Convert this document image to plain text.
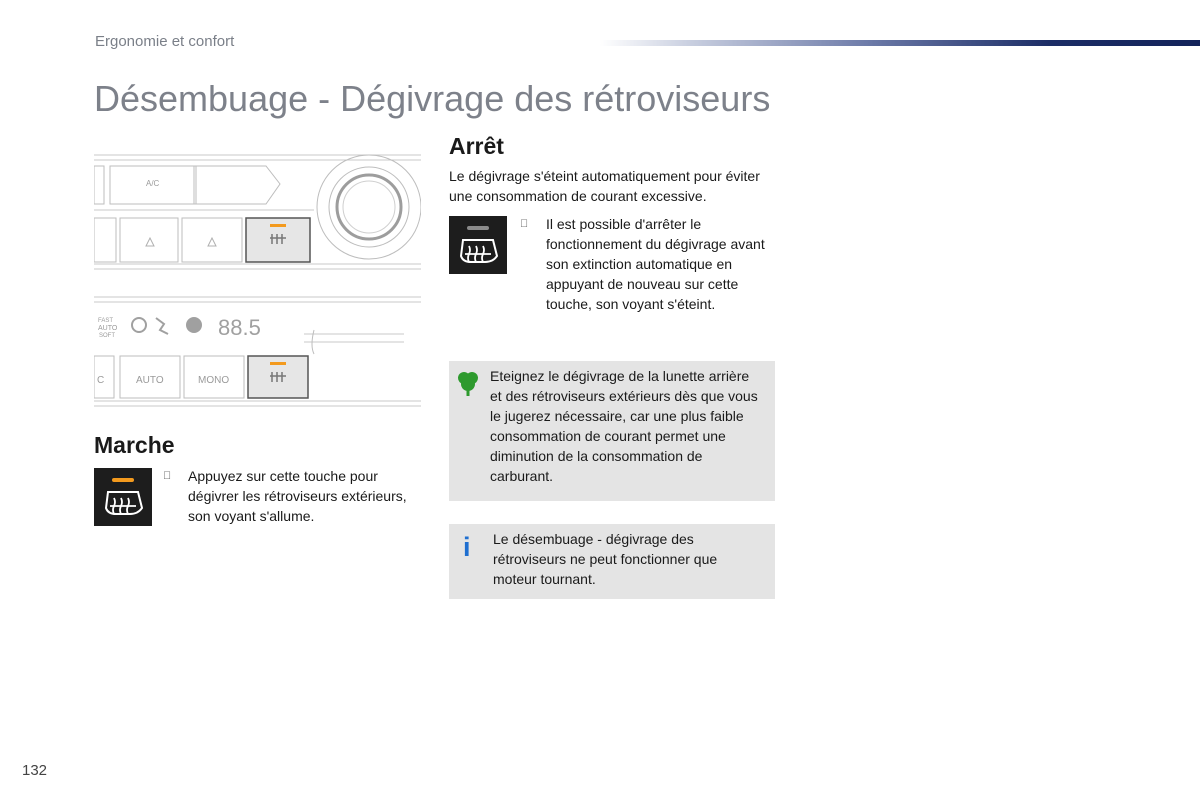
Ergonomie et confort
Désembuage - Dégivrage des rétroviseurs
A/C
FAST
AUTO
SOFT	88.5
C	AUTO	MONO
Marche
Appuyez sur cette touche pour dégivrer les rétroviseurs extérieurs, son voyant s'allume.
Arrêt
Le dégivrage s'éteint automatiquement pour éviter une consommation de courant excessive.
Il est possible d'arrêter le fonctionnement du dégivrage avant son extinction automatique en appuyant de nouveau sur cette touche, son voyant s'éteint.
Eteignez le dégivrage de la lunette arrière et des rétroviseurs extérieurs dès que vous le jugerez nécessaire, car une plus faible consommation de courant permet une diminution de la consommation de carburant.
i Le désembuage - dégivrage des rétroviseurs ne peut fonctionner que moteur tournant.
132
